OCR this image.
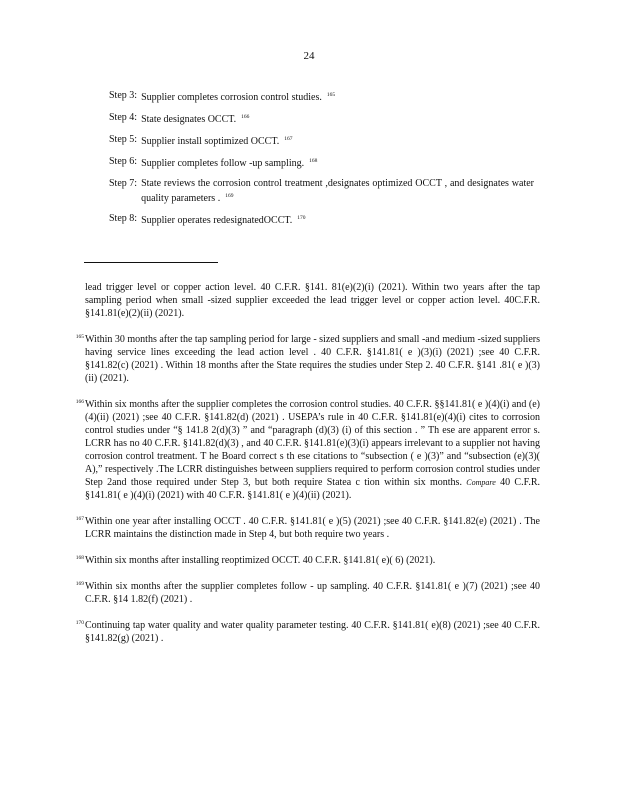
24
Step 3: Supplier completes corrosion control studies. $^{165}$
Step 4: State designates OCCT. $^{166}$
Step 5: Supplier install soptimized OCCT. $^{167}$
Step 6: Supplier completes follow -up sampling. $^{168}$
Step 7: State reviews the corrosion control treatment ,designates optimized OCCT , and designates water quality parameters . $^{169}$
Step 8: Supplier operates redesignatedOCCT. $^{170}$
lead trigger level or copper action level. 40 C.F.R. §141. 81(e)(2)(i) (2021). Within two years after the tap sampling period when small -sized supplier exceeded the lead trigger level or copper action level. 40C.F.R. §141.81(e)(2)(ii) (2021).
165 Within 30 months after the tap sampling period for large - sized suppliers and small -and medium -sized suppliers having service lines exceeding the lead action level . 40 C.F.R. §141.81( e )(3)(i) (2021) ;see 40 C.F.R. §141.82(c) (2021) . Within 18 months after the State requires the studies under Step 2. 40 C.F.R. §141 .81( e )(3)(ii) (2021).
166 Within six months after the supplier completes the corrosion control studies. 40 C.F.R. §§141.81( e )(4)(i) and (e)(4)(ii) (2021) ;see 40 C.F.R. §141.82(d) (2021) . USEPA’s rule in 40 C.F.R. §141.81(e)(4)(i) cites to corrosion control studies under “§ 141.8 2(d)(3) ” and “paragraph (d)(3) (i) of this section . ” Th ese are apparent error s. LCRR has no 40 C.F.R. §141.82(d)(3) , and 40 C.F.R. §141.81(e)(3)(i) appears irrelevant to a supplier not having corrosion control treatment. T he Board correct s th ese citations to “subsection ( e )(3)” and “subsection (e)(3)( A),” respectively .The LCRR distinguishes between suppliers required to perform corrosion control studies under Step 2and those required under Step 3, but both require Statea c tion within six months. Compare 40 C.F.R. §141.81( e )(4)(i) (2021) with 40 C.F.R. §141.81( e )(4)(ii) (2021).
167 Within one year after installing OCCT . 40 C.F.R. §141.81( e )(5) (2021) ;see 40 C.F.R. §141.82(e) (2021) . The LCRR maintains the distinction made in Step 4, but both require two years .
168 Within six months after installing reoptimized OCCT. 40 C.F.R. §141.81( e)( 6) (2021).
169 Within six months after the supplier completes follow - up sampling. 40 C.F.R. §141.81( e )(7) (2021) ;see 40 C.F.R. §14 1.82(f) (2021) .
170 Continuing tap water quality and water quality parameter testing. 40 C.F.R. §141.81( e)(8) (2021) ;see 40 C.F.R. §141.82(g) (2021) .
